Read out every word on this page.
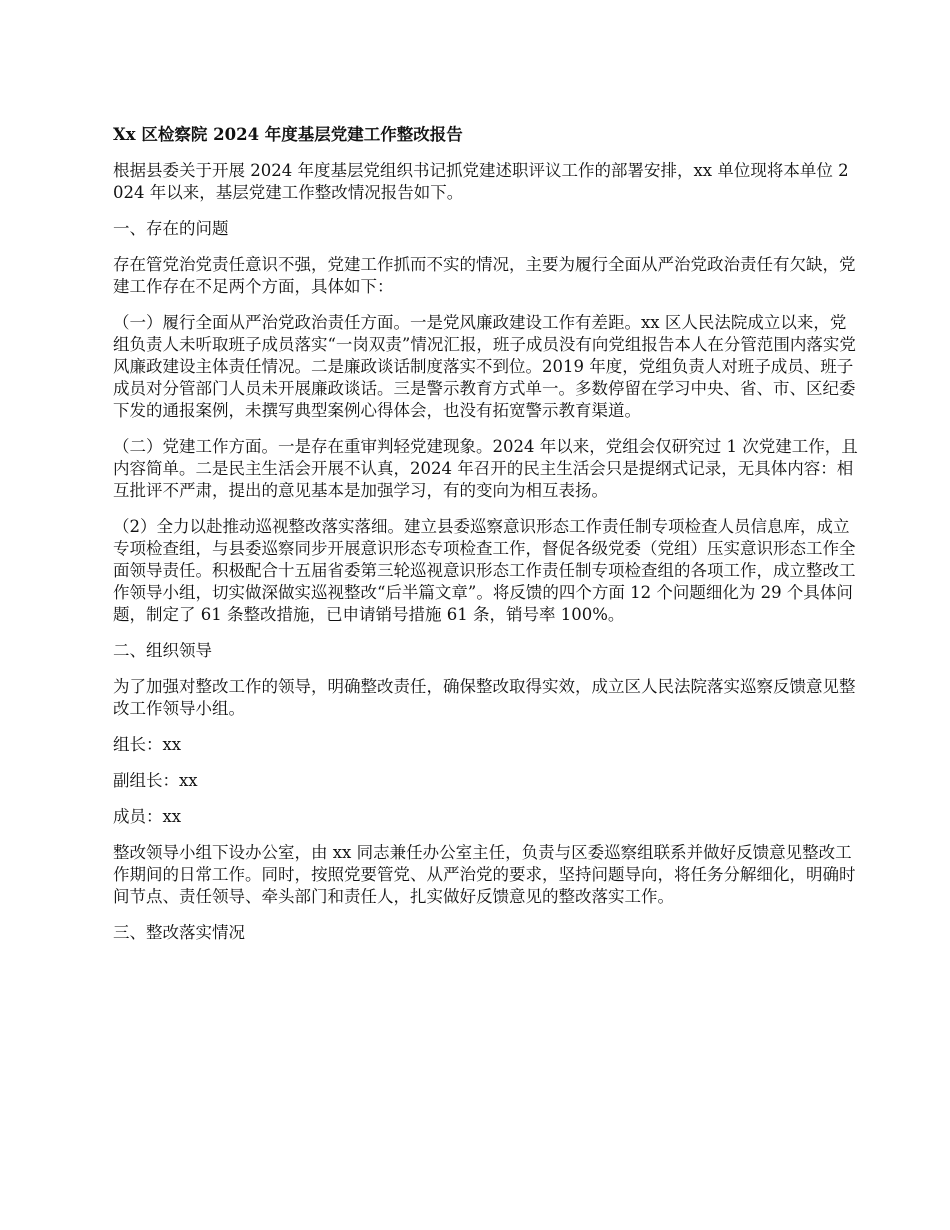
Xx 区检察院 2024 年度基层党建工作整改报告

根据县委关于开展 2024 年度基层党组织书记抓党建述职评议工作的部署安排，xx 单位现将本单位 2024 年以来，基层党建工作整改情况报告如下。

一、存在的问题

存在管党治党责任意识不强，党建工作抓而不实的情况，主要为履行全面从严治党政治责任有欠缺，党建工作存在不足两个方面，具体如下：

（一）履行全面从严治党政治责任方面。一是党风廉政建设工作有差距。xx 区人民法院成立以来，党组负责人未听取班子成员落实“一岗双责”情况汇报，班子成员没有向党组报告本人在分管范围内落实党风廉政建设主体责任情况。二是廉政谈话制度落实不到位。2019 年度，党组负责人对班子成员、班子成员对分管部门人员未开展廉政谈话。三是警示教育方式单一。多数停留在学习中央、省、市、区纪委下发的通报案例，未撰写典型案例心得体会，也没有拓宽警示教育渠道。

（二）党建工作方面。一是存在重审判轻党建现象。2024 年以来，党组会仅研究过 1 次党建工作，且内容简单。二是民主生活会开展不认真，2024 年召开的民主生活会只是提纲式记录，无具体内容：相互批评不严肃，提出的意见基本是加强学习，有的变向为相互表扬。

（2）全力以赴推动巡视整改落实落细。建立县委巡察意识形态工作责任制专项检查人员信息库，成立专项检查组，与县委巡察同步开展意识形态专项检查工作，督促各级党委（党组）压实意识形态工作全面领导责任。积极配合十五届省委第三轮巡视意识形态工作责任制专项检查组的各项工作，成立整改工作领导小组，切实做深做实巡视整改“后半篇文章”。将反馈的四个方面 12 个问题细化为 29 个具体问题，制定了 61 条整改措施，已申请销号措施 61 条，销号率 100%。

二、组织领导

为了加强对整改工作的领导，明确整改责任，确保整改取得实效，成立区人民法院落实巡察反馈意见整改工作领导小组。

组长：xx

副组长：xx

成员：xx

整改领导小组下设办公室，由 xx 同志兼任办公室主任，负责与区委巡察组联系并做好反馈意见整改工作期间的日常工作。同时，按照党要管党、从严治党的要求，坚持问题导向，将任务分解细化，明确时间节点、责任领导、牵头部门和责任人，扎实做好反馈意见的整改落实工作。

三、整改落实情况
